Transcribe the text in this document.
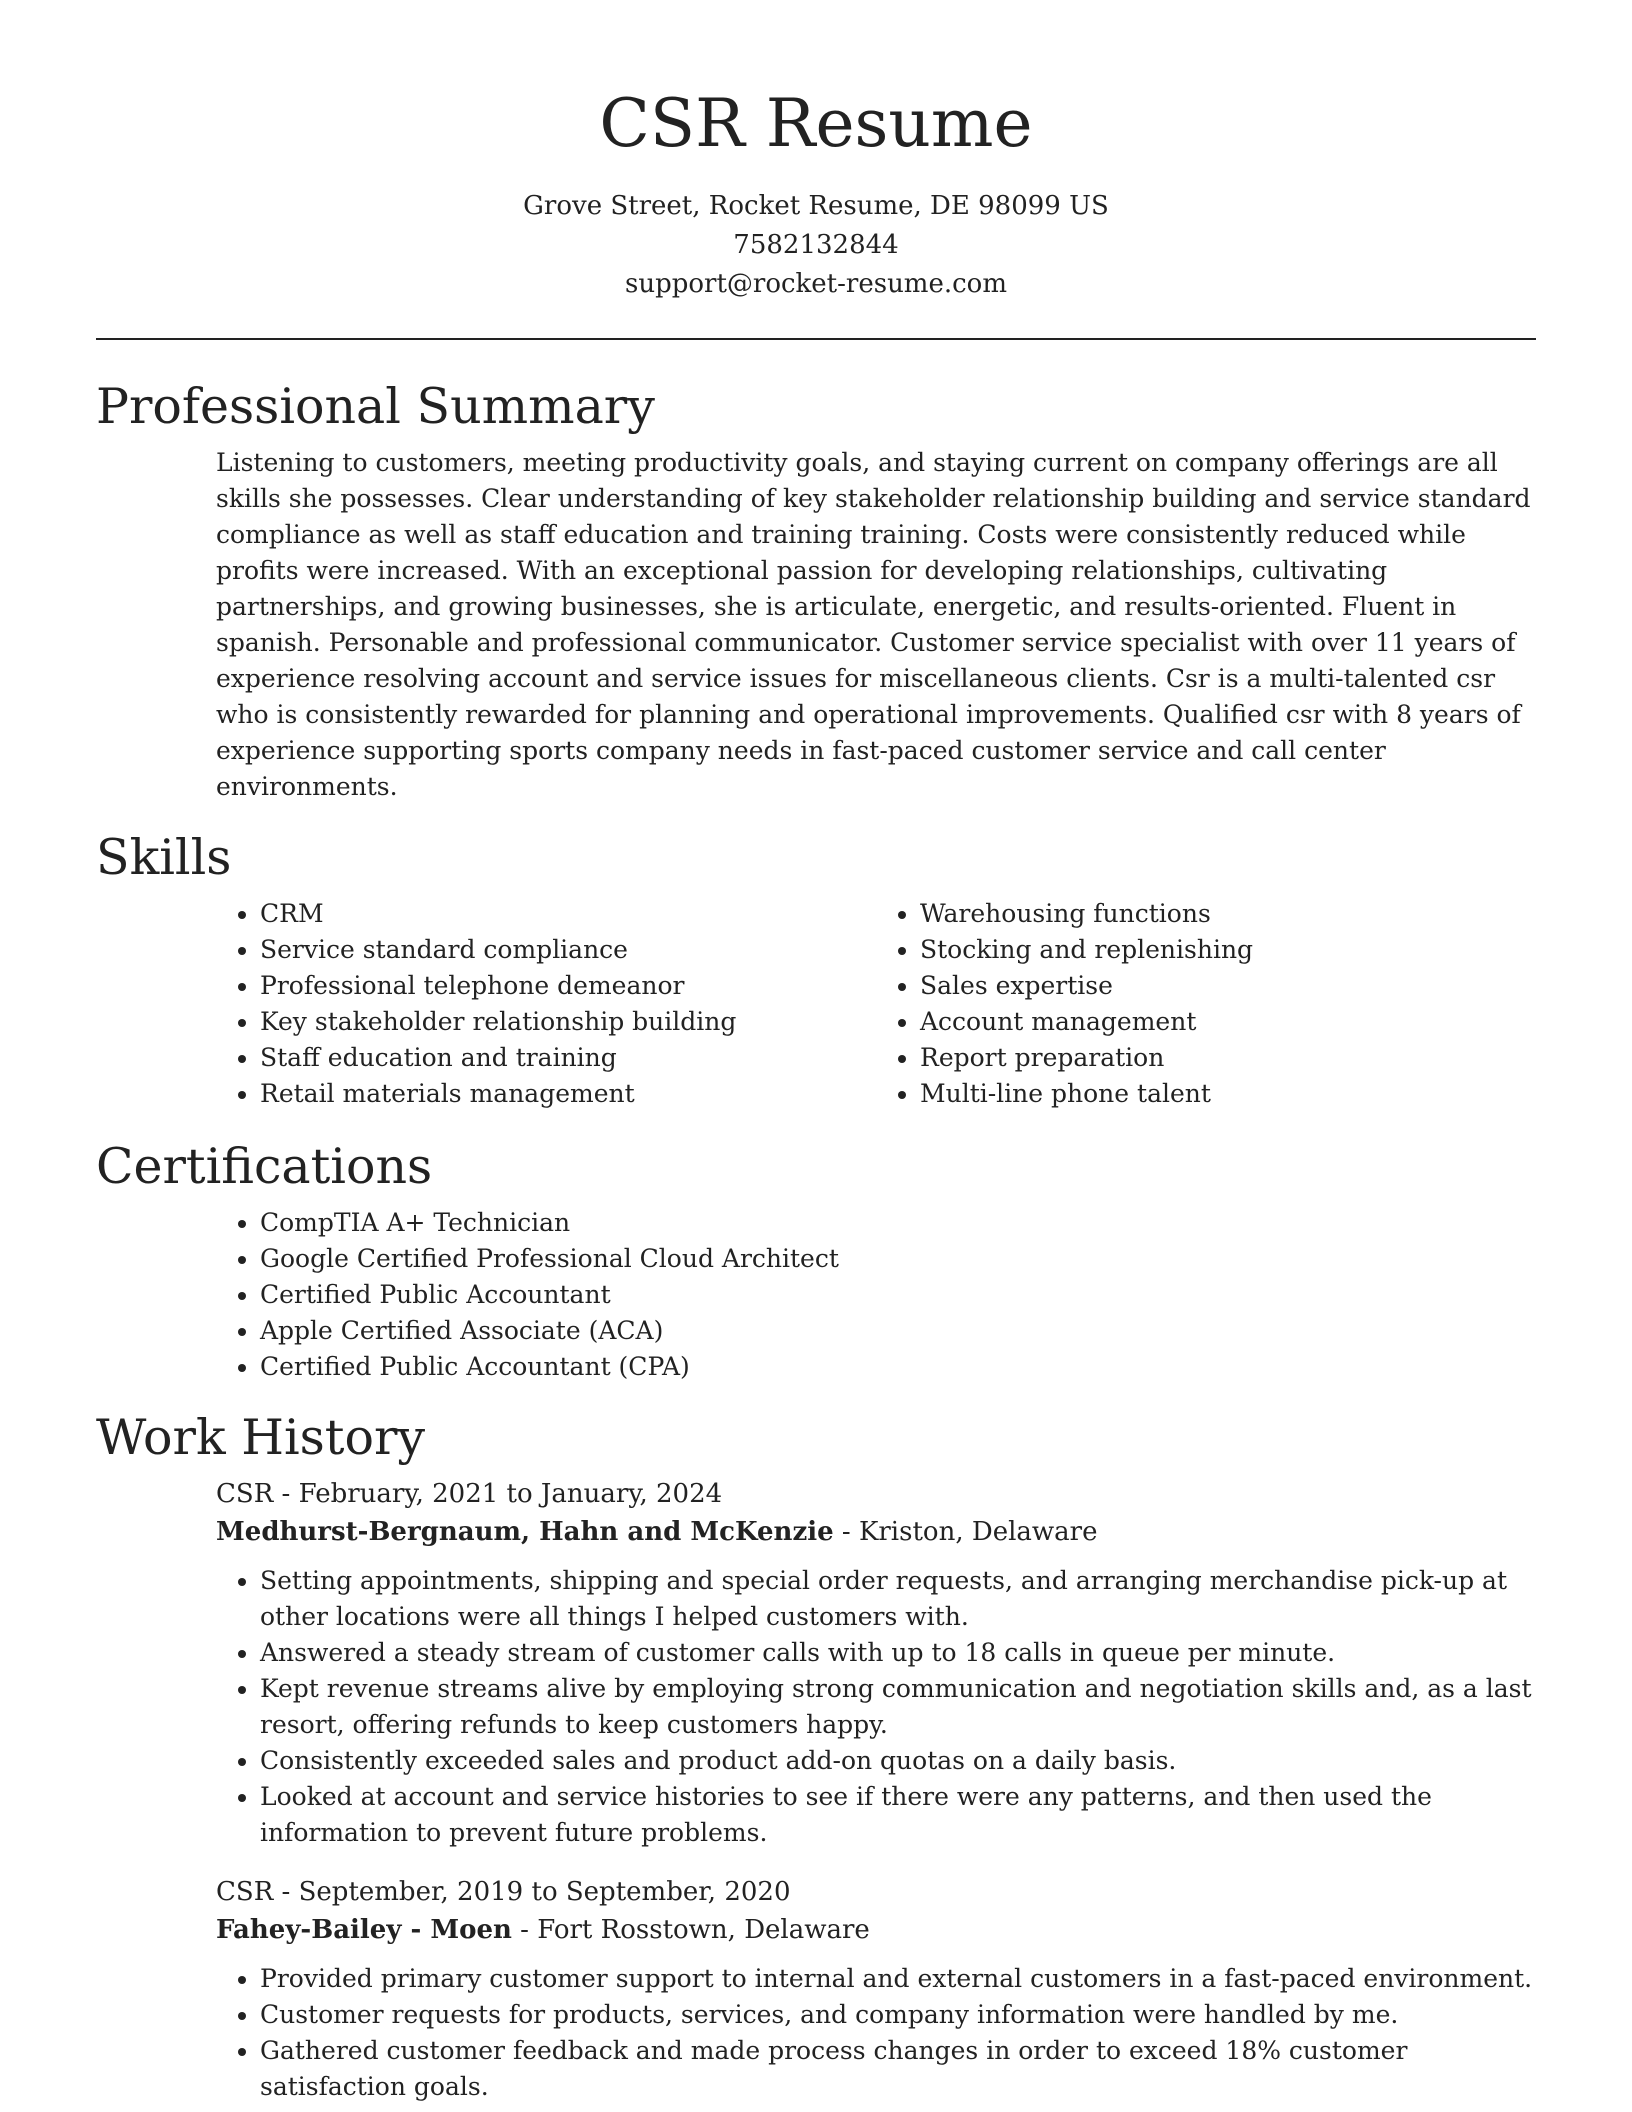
CSR Resume
Grove Street, Rocket Resume, DE 98099 US
7582132844
support@rocket-resume.com
Professional Summary

Listening to customers, meeting productivity goals, and staying current on company offerings are all skills she possesses. Clear understanding of key stakeholder relationship building and service standard compliance as well as staff education and training training. Costs were consistently reduced while profits were increased. With an exceptional passion for developing relationships, cultivating partnerships, and growing businesses, she is articulate, energetic, and results-oriented. Fluent in spanish. Personable and professional communicator. Customer service specialist with over 11 years of experience resolving account and service issues for miscellaneous clients. Csr is a multi-talented csr who is consistently rewarded for planning and operational improvements. Qualified csr with 8 years of experience supporting sports company needs in fast-paced customer service and call center environments.

Skills
• CRM
• Service standard compliance
• Professional telephone demeanor
• Key stakeholder relationship building
• Staff education and training
• Retail materials management
• Warehousing functions
• Stocking and replenishing
• Sales expertise
• Account management
• Report preparation
• Multi-line phone talent
Certifications
• CompTIA A+ Technician
• Google Certified Professional Cloud Architect
• Certified Public Accountant
• Apple Certified Associate (ACA)
• Certified Public Accountant (CPA)
Work History
CSR - February, 2021 to January, 2024
Medhurst-Bergnaum, Hahn and McKenzie - Kriston, Delaware
• Setting appointments, shipping and special order requests, and arranging merchandise pick-up at other locations were all things I helped customers with.
• Answered a steady stream of customer calls with up to 18 calls in queue per minute.
• Kept revenue streams alive by employing strong communication and negotiation skills and, as a last resort, offering refunds to keep customers happy.
• Consistently exceeded sales and product add-on quotas on a daily basis.
• Looked at account and service histories to see if there were any patterns, and then used the information to prevent future problems.
CSR - September, 2019 to September, 2020
Fahey-Bailey - Moen - Fort Rosstown, Delaware
• Provided primary customer support to internal and external customers in a fast-paced environment.
• Customer requests for products, services, and company information were handled by me.
• Gathered customer feedback and made process changes in order to exceed 18% customer satisfaction goals.
